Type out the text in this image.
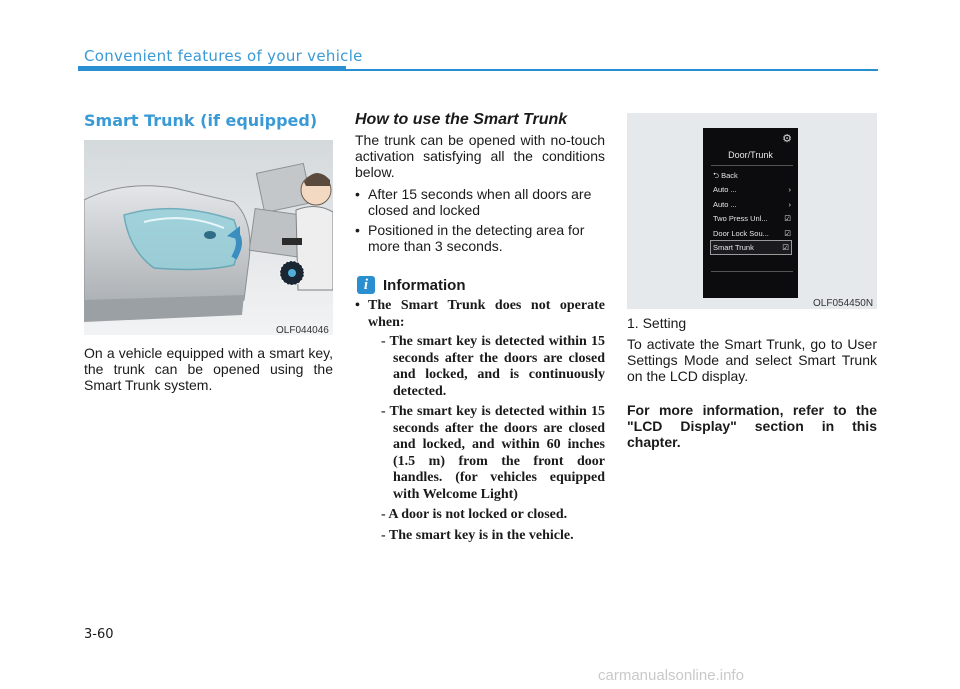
Convenient features of your vehicle
Smart Trunk (if equipped)
OLF044046
On a vehicle equipped with a smart key, the trunk can be opened using the Smart Trunk system.
How to use the Smart Trunk
The trunk can be opened with no-touch activation satisfying all the conditions below.
• After 15 seconds when all doors are closed and locked
• Positioned in the detecting area for more than 3 seconds.
i Information
• The Smart Trunk does not operate when:
- The smart key is detected within 15 seconds after the doors are closed and locked, and is continuously detected.
- The smart key is detected within 15 seconds after the doors are closed and locked, and within 60 inches (1.5 m) from the front door handles. (for vehicles equipped with Welcome Light)
- A door is not locked or closed.
- The smart key is in the vehicle.
⚙
Door/Trunk
⮌ Back
Auto ...	›
Auto ...	›
Two Press Unl... ☑
Door Lock Sou... ☑
Smart Trunk	☑
OLF054450N
1. Setting
To activate the Smart Trunk, go to User Settings Mode and select Smart Trunk on the LCD display.
For more information, refer to the "LCD Display" section in this chapter.
3-60
carmanualsonline.info
